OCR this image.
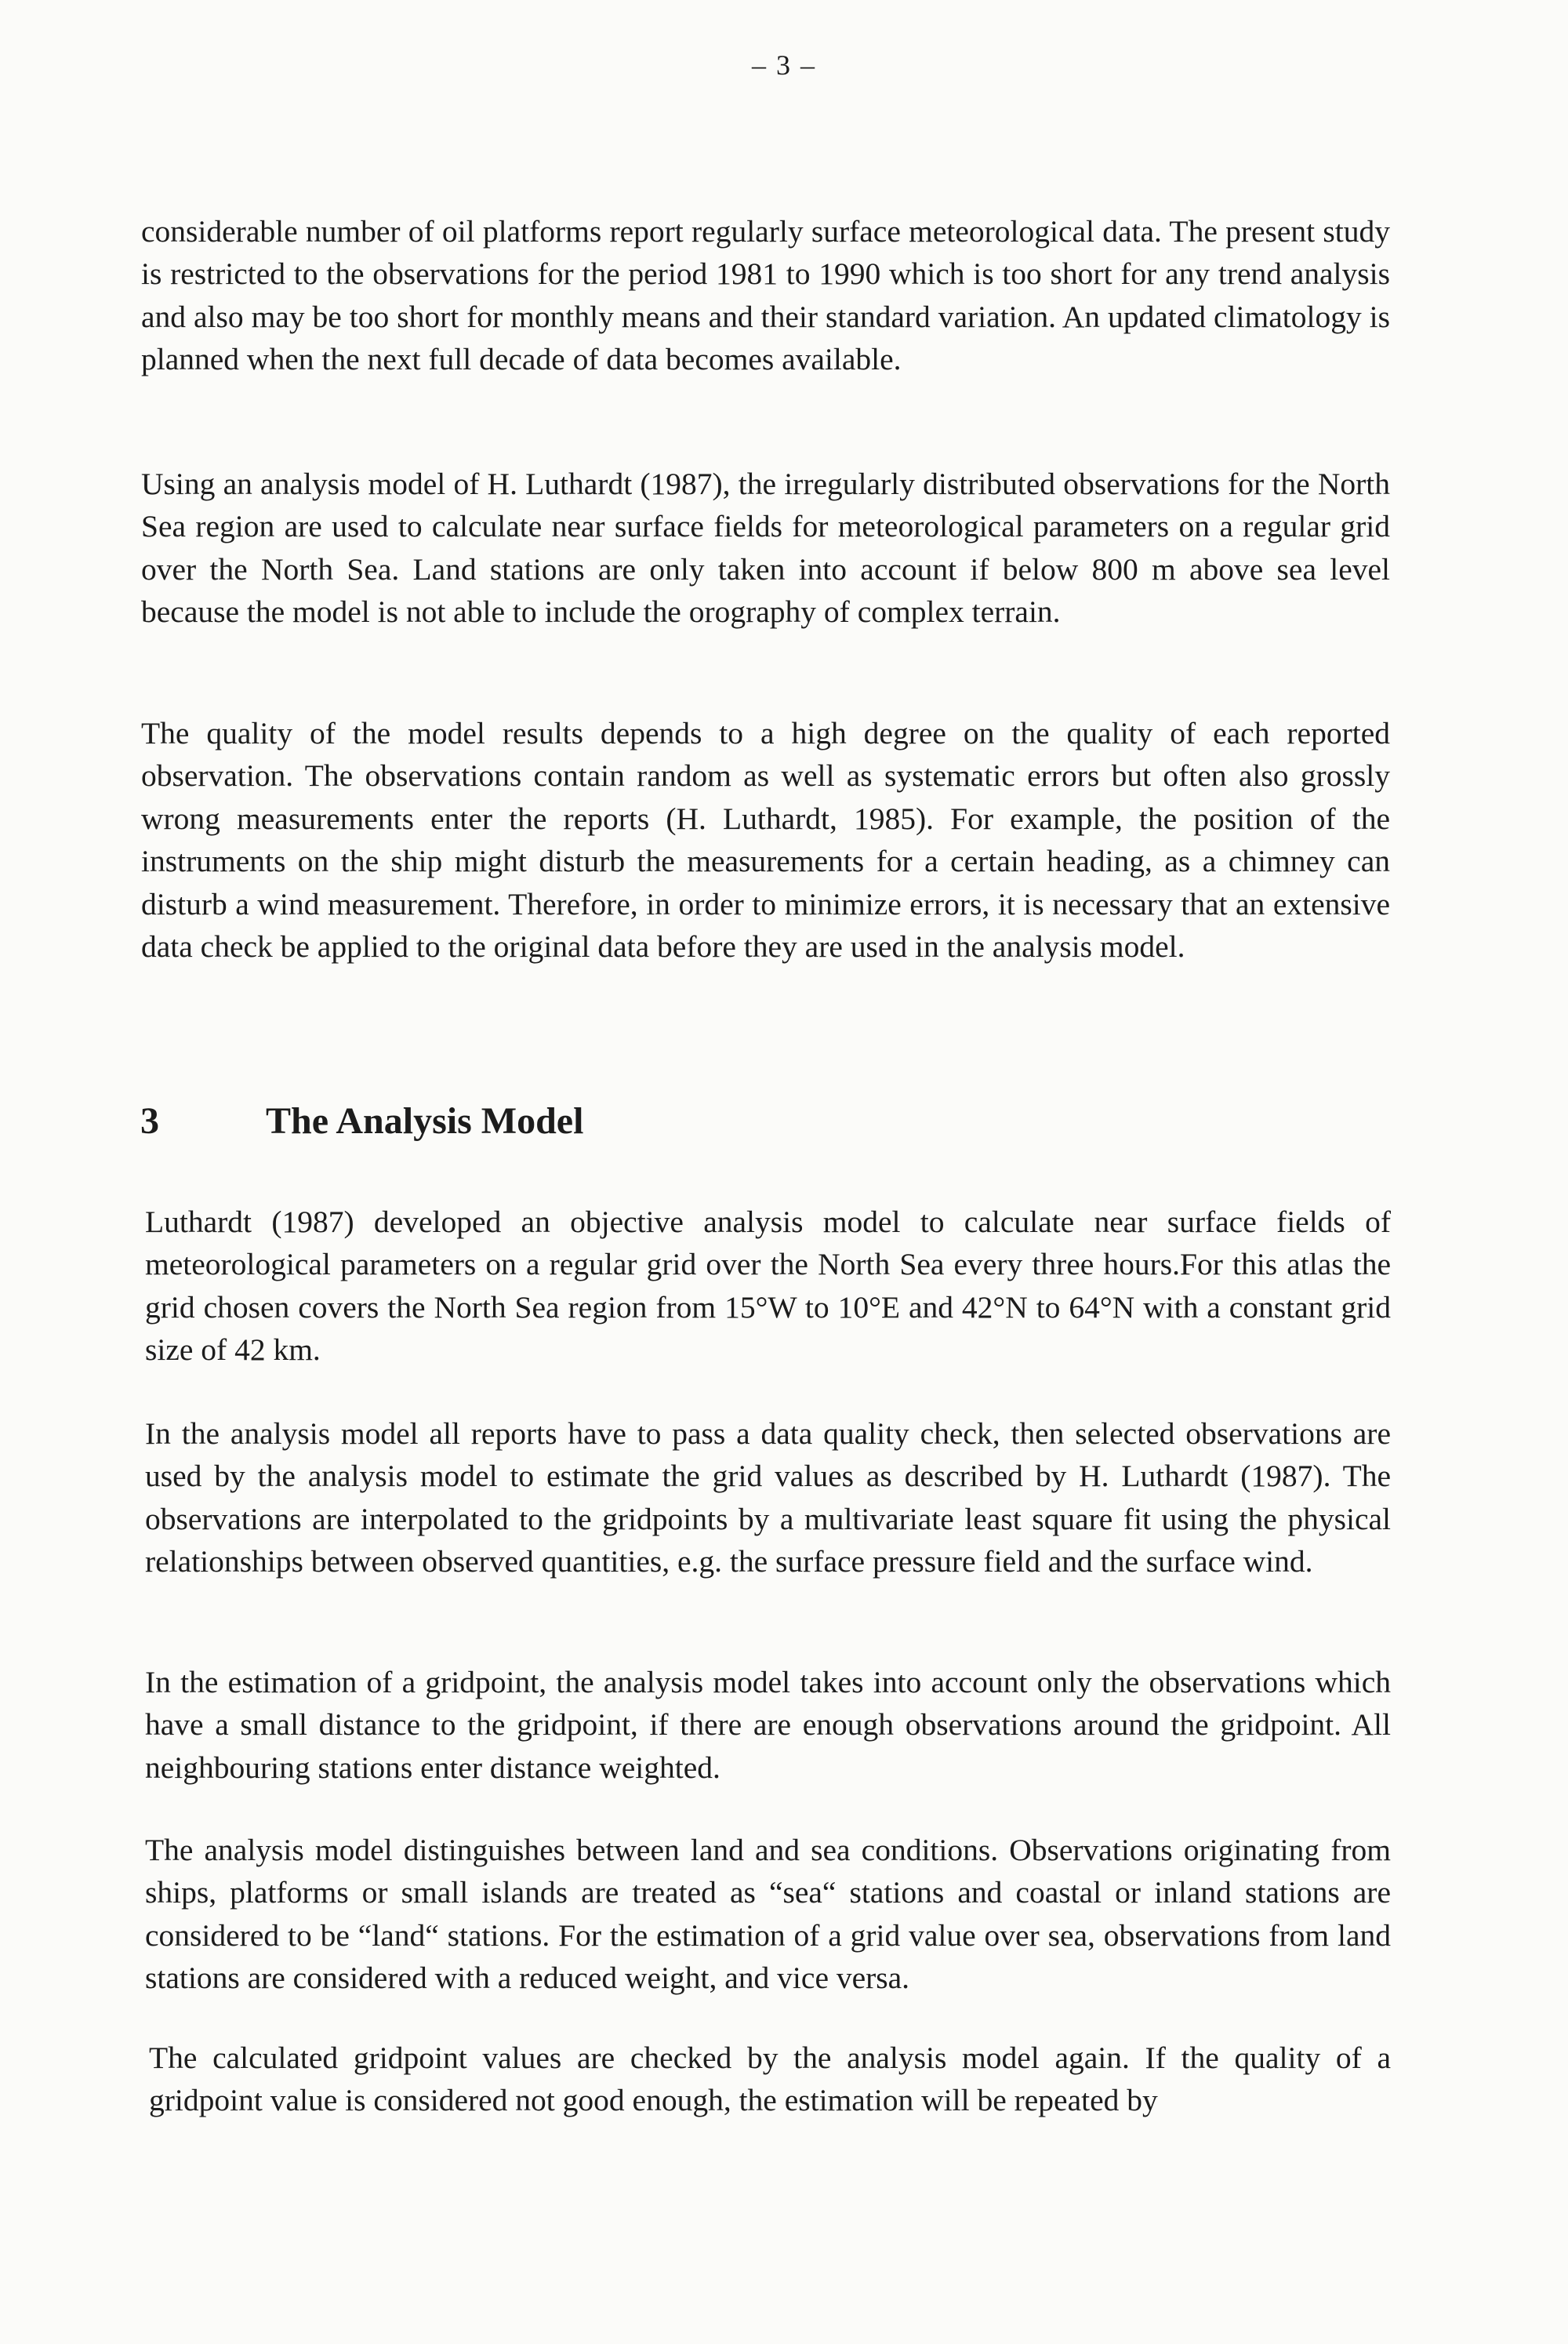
– 3 –

considerable number of oil platforms report regularly surface meteorological data. The present study is restricted to the observations for the period 1981 to 1990 which is too short for any trend analysis and also may be too short for monthly means and their standard variation. An updated climatology is planned when the next full decade of data becomes available.

Using an analysis model of H. Luthardt (1987), the irregularly distributed observations for the North Sea region are used to calculate near surface fields for meteorological parameters on a regular grid over the North Sea. Land stations are only taken into account if below 800 m above sea level because the model is not able to include the orography of complex terrain.

The quality of the model results depends to a high degree on the quality of each reported observation. The observations contain random as well as systematic errors but often also grossly wrong measurements enter the reports (H. Luthardt, 1985). For example, the position of the instruments on the ship might disturb the measurements for a certain heading, as a chimney can disturb a wind measurement. Therefore, in order to minimize errors, it is necessary that an extensive data check be applied to the original data before they are used in the analysis model.

3	The Analysis Model

Luthardt (1987) developed an objective analysis model to calculate near surface fields of meteorological parameters on a regular grid over the North Sea every three hours.For this atlas the grid chosen covers the North Sea region from 15°W to 10°E and 42°N to 64°N with a constant grid size of 42 km.

In the analysis model all reports have to pass a data quality check, then selected observations are used by the analysis model to estimate the grid values as described by H. Luthardt (1987). The observations are interpolated to the gridpoints by a multivariate least square fit using the physical relationships between observed quantities, e.g. the surface pressure field and the surface wind.

In the estimation of a gridpoint, the analysis model takes into account only the observations which have a small distance to the gridpoint, if there are enough observations around the gridpoint. All neighbouring stations enter distance weighted.

The analysis model distinguishes between land and sea conditions. Observations originating from ships, platforms or small islands are treated as “sea“ stations and coastal or inland stations are considered to be “land“ stations. For the estimation of a grid value over sea, observations from land stations are considered with a reduced weight, and vice versa.

The calculated gridpoint values are checked by the analysis model again. If the quality of a gridpoint value is considered not good enough, the estimation will be repeated by
